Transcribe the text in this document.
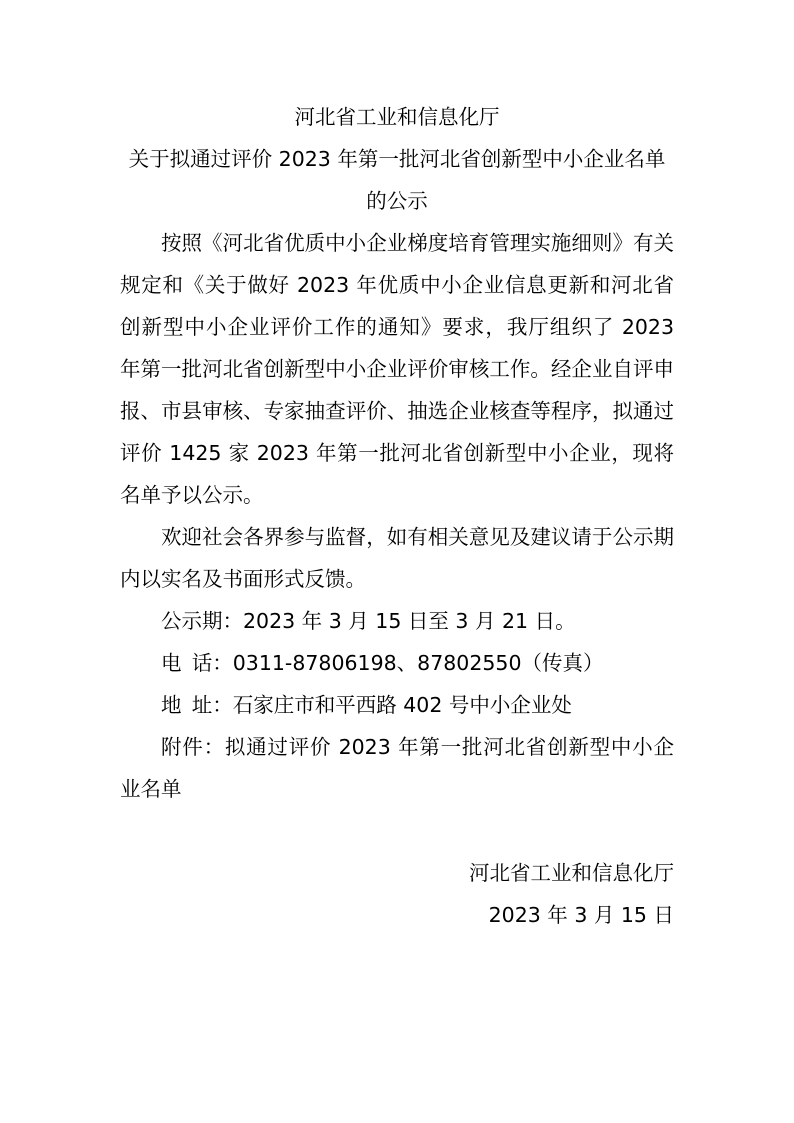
河北省工业和信息化厅
关于拟通过评价 2023 年第一批河北省创新型中小企业名单
的公示

按照《河北省优质中小企业梯度培育管理实施细则》有关规定和《关于做好 2023 年优质中小企业信息更新和河北省创新型中小企业评价工作的通知》要求，我厅组织了 2023 年第一批河北省创新型中小企业评价审核工作。经企业自评申报、市县审核、专家抽查评价、抽选企业核查等程序，拟通过评价 1425 家 2023 年第一批河北省创新型中小企业，现将名单予以公示。

欢迎社会各界参与监督，如有相关意见及建议请于公示期内以实名及书面形式反馈。

公示期：2023 年 3 月 15 日至 3 月 21 日。

电话：0311-87806198、87802550（传真）

地址：石家庄市和平西路 402 号中小企业处

附件：拟通过评价 2023 年第一批河北省创新型中小企业名单

河北省工业和信息化厅
2023 年 3 月 15 日
